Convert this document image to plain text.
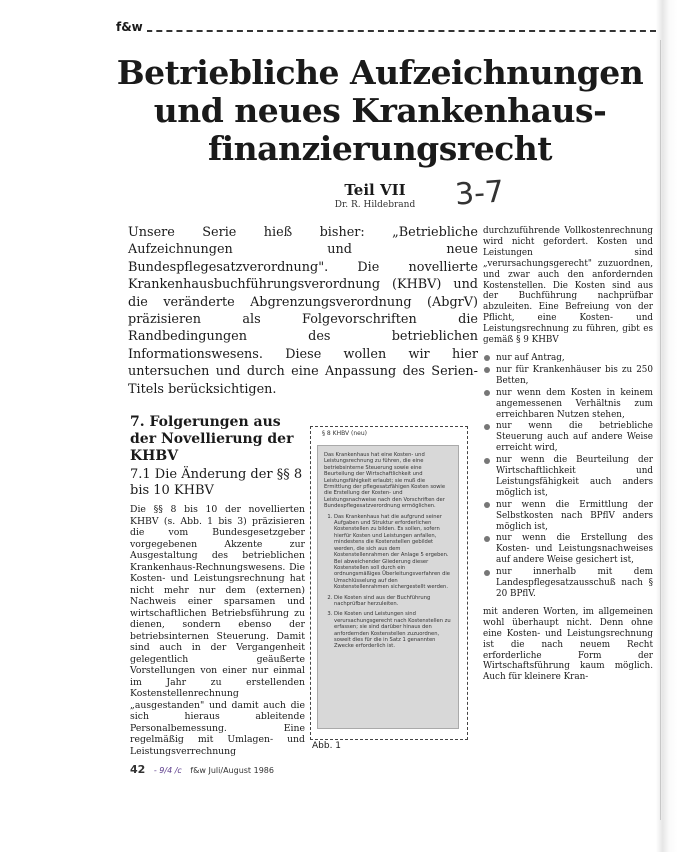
f&w
Betriebliche Aufzeichnungen
und neues Krankenhaus-
finanzierungsrecht
Teil VII
Dr. R. Hildebrand	3-7
Unsere Serie hieß bisher: „Betriebliche Aufzeichnungen und neue Bundespflegesatzverordnung". Die novellierte Krankenhausbuchführungsverordnung (KHBV) und die veränderte Abgrenzungsverordnung (AbgrV) präzisieren als Folgevorschriften die Randbedingungen des betrieblichen Informationswesens. Diese wollen wir hier untersuchen und durch eine Anpassung des Serien-Titels berücksichtigen.
7. Folgerungen aus der Novellierung der KHBV
7.1 Die Änderung der §§ 8 bis 10 KHBV

Die §§ 8 bis 10 der novellierten KHBV (s. Abb. 1 bis 3) präzisieren die vom Bundesgesetzgeber vorgegebenen Akzente zur Ausgestaltung des betrieblichen Krankenhaus-Rechnungswesens. Die Kosten- und Leistungsrechnung hat nicht mehr nur dem (externen) Nachweis einer sparsamen und wirtschaftlichen Betriebsführung zu dienen, sondern ebenso der betriebsinternen Steuerung. Damit sind auch in der Vergangenheit gelegentlich geäußerte Vorstellungen von einer nur einmal im Jahr zu erstellenden Kostenstellenrechnung „ausgestanden" und damit auch die sich hieraus ableitende Personalbemessung. Eine regelmäßig mit Umlagen- und Leistungsverrechnung

§ 8 KHBV (neu)

Das Krankenhaus hat eine Kosten- und Leistungsrechnung zu führen, die eine betriebsinterne Steuerung sowie eine Beurteilung der Wirtschaftlichkeit und Leistungsfähigkeit erlaubt; sie muß die Ermittlung der pflegesatzfähigen Kosten sowie die Erstellung der Kosten- und Leistungsnachweise nach den Vorschriften der Bundespflegesatzverordnung ermöglichen.

1. Das Krankenhaus hat die aufgrund seiner Aufgaben und Struktur erforderlichen Kostenstellen zu bilden. Es sollen, sofern hierfür Kosten und Leistungen anfallen, mindestens die Kostenstellen gebildet werden, die sich aus dem Kostenstellenrahmen der Anlage 5 ergeben. Bei abweichender Gliederung dieser Kostenstellen soll durch ein ordnungsmäßiges Überleitungsverfahren die Umschlüsselung auf den Kostenstellenrahmen sichergestellt werden.
2. Die Kosten sind aus der Buchführung nachprüfbar herzuleiten.
3. Die Kosten und Leistungen sind verursachungsgerecht nach Kostenstellen zu erfassen; sie sind darüber hinaus den anfordernden Kostenstellen zuzuordnen, soweit dies für die in Satz 1 genannten Zwecke erforderlich ist.
Abb. 1

durchzuführende Vollkostenrechnung wird nicht gefordert. Kosten und Leistungen sind „verursachungsgerecht" zuzuordnen, und zwar auch den anfordernden Kostenstellen. Die Kosten sind aus der Buchführung nachprüfbar abzuleiten. Eine Befreiung von der Pflicht, eine Kosten- und Leistungsrechnung zu führen, gibt es gemäß § 9 KHBV

nur auf Antrag,
nur für Krankenhäuser bis zu 250 Betten,
nur wenn dem Kosten in keinem angemessenen Verhältnis zum erreichbaren Nutzen stehen,
nur wenn die betriebliche Steuerung auch auf andere Weise erreicht wird,
nur wenn die Beurteilung der Wirtschaftlichkeit und Leistungsfähigkeit auch anders möglich ist,
nur wenn die Ermittlung der Selbstkosten nach BPflV anders möglich ist,
nur wenn die Erstellung des Kosten- und Leistungsnachweises auf andere Weise gesichert ist,
nur innerhalb mit dem Landespflegesatzausschuß nach § 20 BPflV.

mit anderen Worten, im allgemeinen wohl überhaupt nicht. Denn ohne eine Kosten- und Leistungsrechnung ist die nach neuem Recht erforderliche Form der Wirtschaftsführung kaum möglich. Auch für kleinere Kran-

42 - 9/4 /c f&w Juli/August 1986
